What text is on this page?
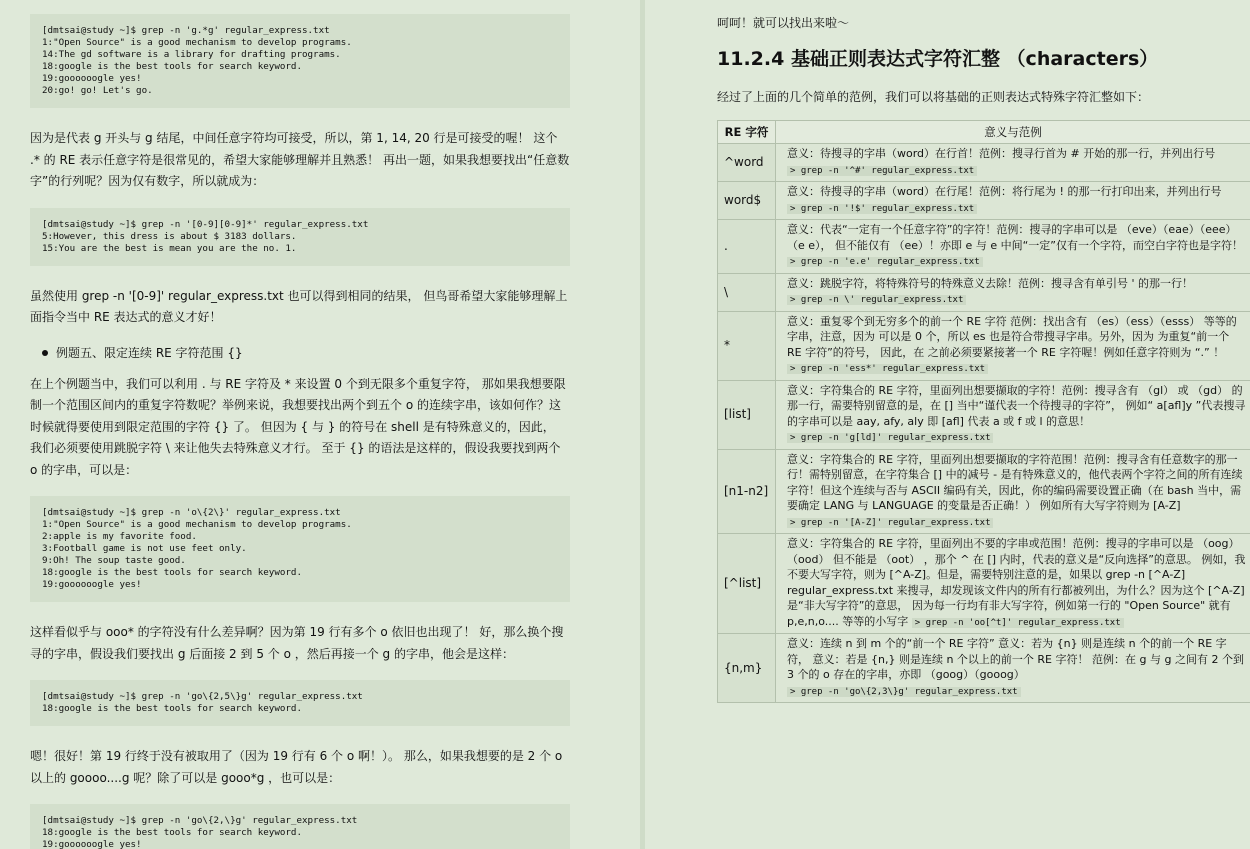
[dmtsai@study ~]$ grep -n 'g.*g' regular_express.txt
1:"Open Source" is a good mechanism to develop programs.
14:The gd software is a library for drafting programs.
18:google is the best tools for search keyword.
19:goooooogle yes!
20:go! go! Let's go.

因为是代表 g 开头与 g 结尾，中间任意字符均可接受，所以，第 1, 14, 20 行是可接受的喔！ 这个 .* 的 RE 表示任意字符是很常见的，希望大家能够理解并且熟悉！ 再出一题，如果我想要找出“任意数字”的行列呢？因为仅有数字，所以就成为：

[dmtsai@study ~]$ grep -n '[0-9][0-9]*' regular_express.txt
5:However, this dress is about $ 3183 dollars.
15:You are the best is mean you are the no. 1.

虽然使用 grep -n '[0-9]' regular_express.txt 也可以得到相同的结果， 但鸟哥希望大家能够理解上面指令当中 RE 表达式的意义才好！

例题五、限定连续 RE 字符范围 {}

在上个例题当中，我们可以利用 . 与 RE 字符及 * 来设置 0 个到无限多个重复字符， 那如果我想要限制一个范围区间内的重复字符数呢？举例来说，我想要找出两个到五个 o 的连续字串，该如何作？这时候就得要使用到限定范围的字符 {} 了。 但因为 { 与 } 的符号在 shell 是有特殊意义的，因此， 我们必须要使用跳脱字符 \ 来让他失去特殊意义才行。 至于 {} 的语法是这样的，假设我要找到两个 o 的字串，可以是：

[dmtsai@study ~]$ grep -n 'o\{2\}' regular_express.txt
1:"Open Source" is a good mechanism to develop programs.
2:apple is my favorite food.
3:Football game is not use feet only.
9:Oh! The soup taste good.
18:google is the best tools for search keyword.
19:goooooogle yes!

这样看似乎与 ooo* 的字符没有什么差异啊？因为第 19 行有多个 o 依旧也出现了！ 好，那么换个搜寻的字串，假设我们要找出 g 后面接 2 到 5 个 o ，然后再接一个 g 的字串，他会是这样：

[dmtsai@study ~]$ grep -n 'go\{2,5\}g' regular_express.txt
18:google is the best tools for search keyword.

嗯！很好！第 19 行终于没有被取用了（因为 19 行有 6 个 o 啊！）。 那么，如果我想要的是 2 个 o 以上的 goooo....g 呢？除了可以是 gooo*g ，也可以是：

[dmtsai@study ~]$ grep -n 'go\{2,\}g' regular_express.txt
18:google is the best tools for search keyword.
19:goooooogle yes!

呵呵！就可以找出来啦～

11.2.4 基础正则表达式字符汇整 （characters）

经过了上面的几个简单的范例，我们可以将基础的正则表达式特殊字符汇整如下：

RE 字符	意义与范例
^word	意义：待搜寻的字串（word）在行首！范例：搜寻行首为 # 开始的那一行，并列出行号 > grep -n '^#' regular_express.txt
word$	意义：待搜寻的字串（word）在行尾！范例：将行尾为 ! 的那一行打印出来，并列出行号 > grep -n '!$' regular_express.txt
.	意义：代表“一定有一个任意字符”的字符！范例：搜寻的字串可以是 （eve）（eae）（eee）（e e）， 但不能仅有 （ee）！亦即 e 与 e 中间“一定”仅有一个字符，而空白字符也是字符！ > grep -n 'e.e' regular_express.txt
\	意义：跳脱字符，将特殊符号的特殊意义去除！范例：搜寻含有单引号 ' 的那一行！ > grep -n \' regular_express.txt
*	意义：重复零个到无穷多个的前一个 RE 字符 范例：找出含有 （es）（ess）（esss） 等等的字串，注意，因为 可以是 0 个，所以 es 也是符合带搜寻字串。另外，因为 为重复“前一个 RE 字符”的符号， 因此，在 之前必须要紧接著一个 RE 字符喔！例如任意字符则为 “.” ！ > grep -n 'ess*' regular_express.txt
[list]	意义：字符集合的 RE 字符，里面列出想要撷取的字符！范例：搜寻含有 （gl） 或 （gd） 的那一行，需要特别留意的是，在 [] 当中“谨代表一个待搜寻的字符”， 例如“ a[afl]y ”代表搜寻的字串可以是 aay, afy, aly 即 [afl] 代表 a 或 f 或 l 的意思！ > grep -n 'g[ld]' regular_express.txt
[n1-n2]	意义：字符集合的 RE 字符，里面列出想要撷取的字符范围！范例：搜寻含有任意数字的那一行！需特别留意，在字符集合 [] 中的减号 - 是有特殊意义的，他代表两个字符之间的所有连续字符！但这个连续与否与 ASCII 编码有关，因此，你的编码需要设置正确（在 bash 当中，需要确定 LANG 与 LANGUAGE 的变量是否正确！） 例如所有大写字符则为 [A-Z] > grep -n '[A-Z]' regular_express.txt
[^list]	意义：字符集合的 RE 字符，里面列出不要的字串或范围！范例：搜寻的字串可以是 （oog） （ood） 但不能是 （oot） ，那个 ^ 在 [] 内时，代表的意义是“反向选择”的意思。 例如，我不要大写字符，则为 [^A-Z]。但是，需要特别注意的是，如果以 grep -n [^A-Z] regular_express.txt 来搜寻，却发现该文件内的所有行都被列出，为什么？因为这个 [^A-Z] 是“非大写字符”的意思， 因为每一行均有非大写字符，例如第一行的 "Open Source" 就有 p,e,n,o.... 等等的小写字 > grep -n 'oo[^t]' regular_express.txt
{n,m}	意义：连续 n 到 m 个的“前一个 RE 字符” 意义：若为 {n} 则是连续 n 个的前一个 RE 字符， 意义：若是 {n,} 则是连续 n 个以上的前一个 RE 字符！ 范例：在 g 与 g 之间有 2 个到 3 个的 o 存在的字串，亦即 （goog）（gooog） > grep -n 'go\{2,3\}g' regular_express.txt
